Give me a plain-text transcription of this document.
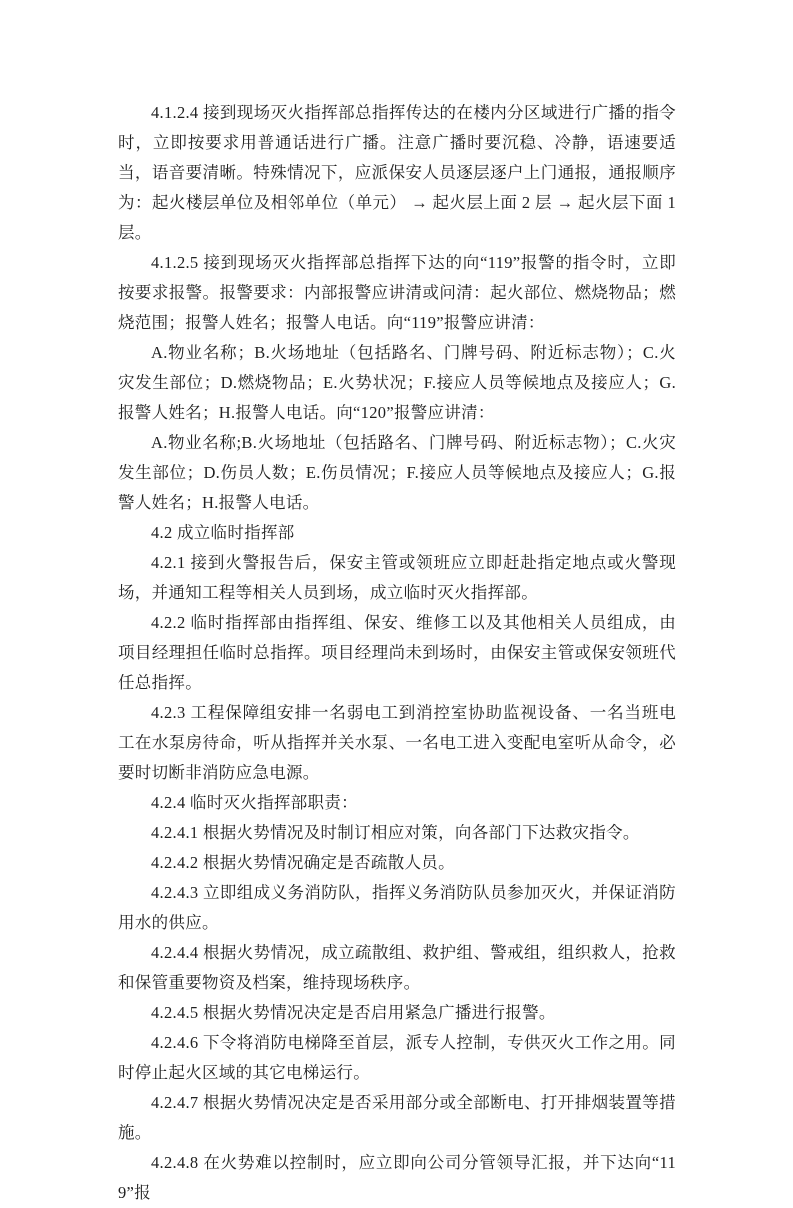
4.1.2.4 接到现场灭火指挥部总指挥传达的在楼内分区域进行广播的指令时，立即按要求用普通话进行广播。注意广播时要沉稳、冷静，语速要适当，语音要清晰。特殊情况下，应派保安人员逐层逐户上门通报，通报顺序为：起火楼层单位及相邻单位（单元） → 起火层上面 2 层 → 起火层下面 1 层。

4.1.2.5 接到现场灭火指挥部总指挥下达的向“119”报警的指令时，立即按要求报警。报警要求：内部报警应讲清或问清：起火部位、燃烧物品；燃烧范围；报警人姓名；报警人电话。向“119”报警应讲清：

A.物业名称；B.火场地址（包括路名、门牌号码、附近标志物）；C.火灾发生部位；D.燃烧物品；E.火势状况；F.接应人员等候地点及接应人；G.报警人姓名；H.报警人电话。向“120”报警应讲清：

A.物业名称;B.火场地址（包括路名、门牌号码、附近标志物）；C.火灾发生部位；D.伤员人数；E.伤员情况；F.接应人员等候地点及接应人；G.报警人姓名；H.报警人电话。

4.2 成立临时指挥部

4.2.1 接到火警报告后，保安主管或领班应立即赶赴指定地点或火警现场，并通知工程等相关人员到场，成立临时灭火指挥部。

4.2.2 临时指挥部由指挥组、保安、维修工以及其他相关人员组成，由项目经理担任临时总指挥。项目经理尚未到场时，由保安主管或保安领班代任总指挥。

4.2.3 工程保障组安排一名弱电工到消控室协助监视设备、一名当班电工在水泵房待命，听从指挥并关水泵、一名电工进入变配电室听从命令，必要时切断非消防应急电源。

4.2.4 临时灭火指挥部职责：

4.2.4.1 根据火势情况及时制订相应对策，向各部门下达救灾指令。

4.2.4.2 根据火势情况确定是否疏散人员。

4.2.4.3 立即组成义务消防队，指挥义务消防队员参加灭火，并保证消防用水的供应。

4.2.4.4 根据火势情况，成立疏散组、救护组、警戒组，组织救人，抢救和保管重要物资及档案，维持现场秩序。

4.2.4.5 根据火势情况决定是否启用紧急广播进行报警。

4.2.4.6 下令将消防电梯降至首层，派专人控制，专供灭火工作之用。同时停止起火区域的其它电梯运行。

4.2.4.7 根据火势情况决定是否采用部分或全部断电、打开排烟装置等措施。

4.2.4.8 在火势难以控制时，应立即向公司分管领导汇报，并下达向“119”报
